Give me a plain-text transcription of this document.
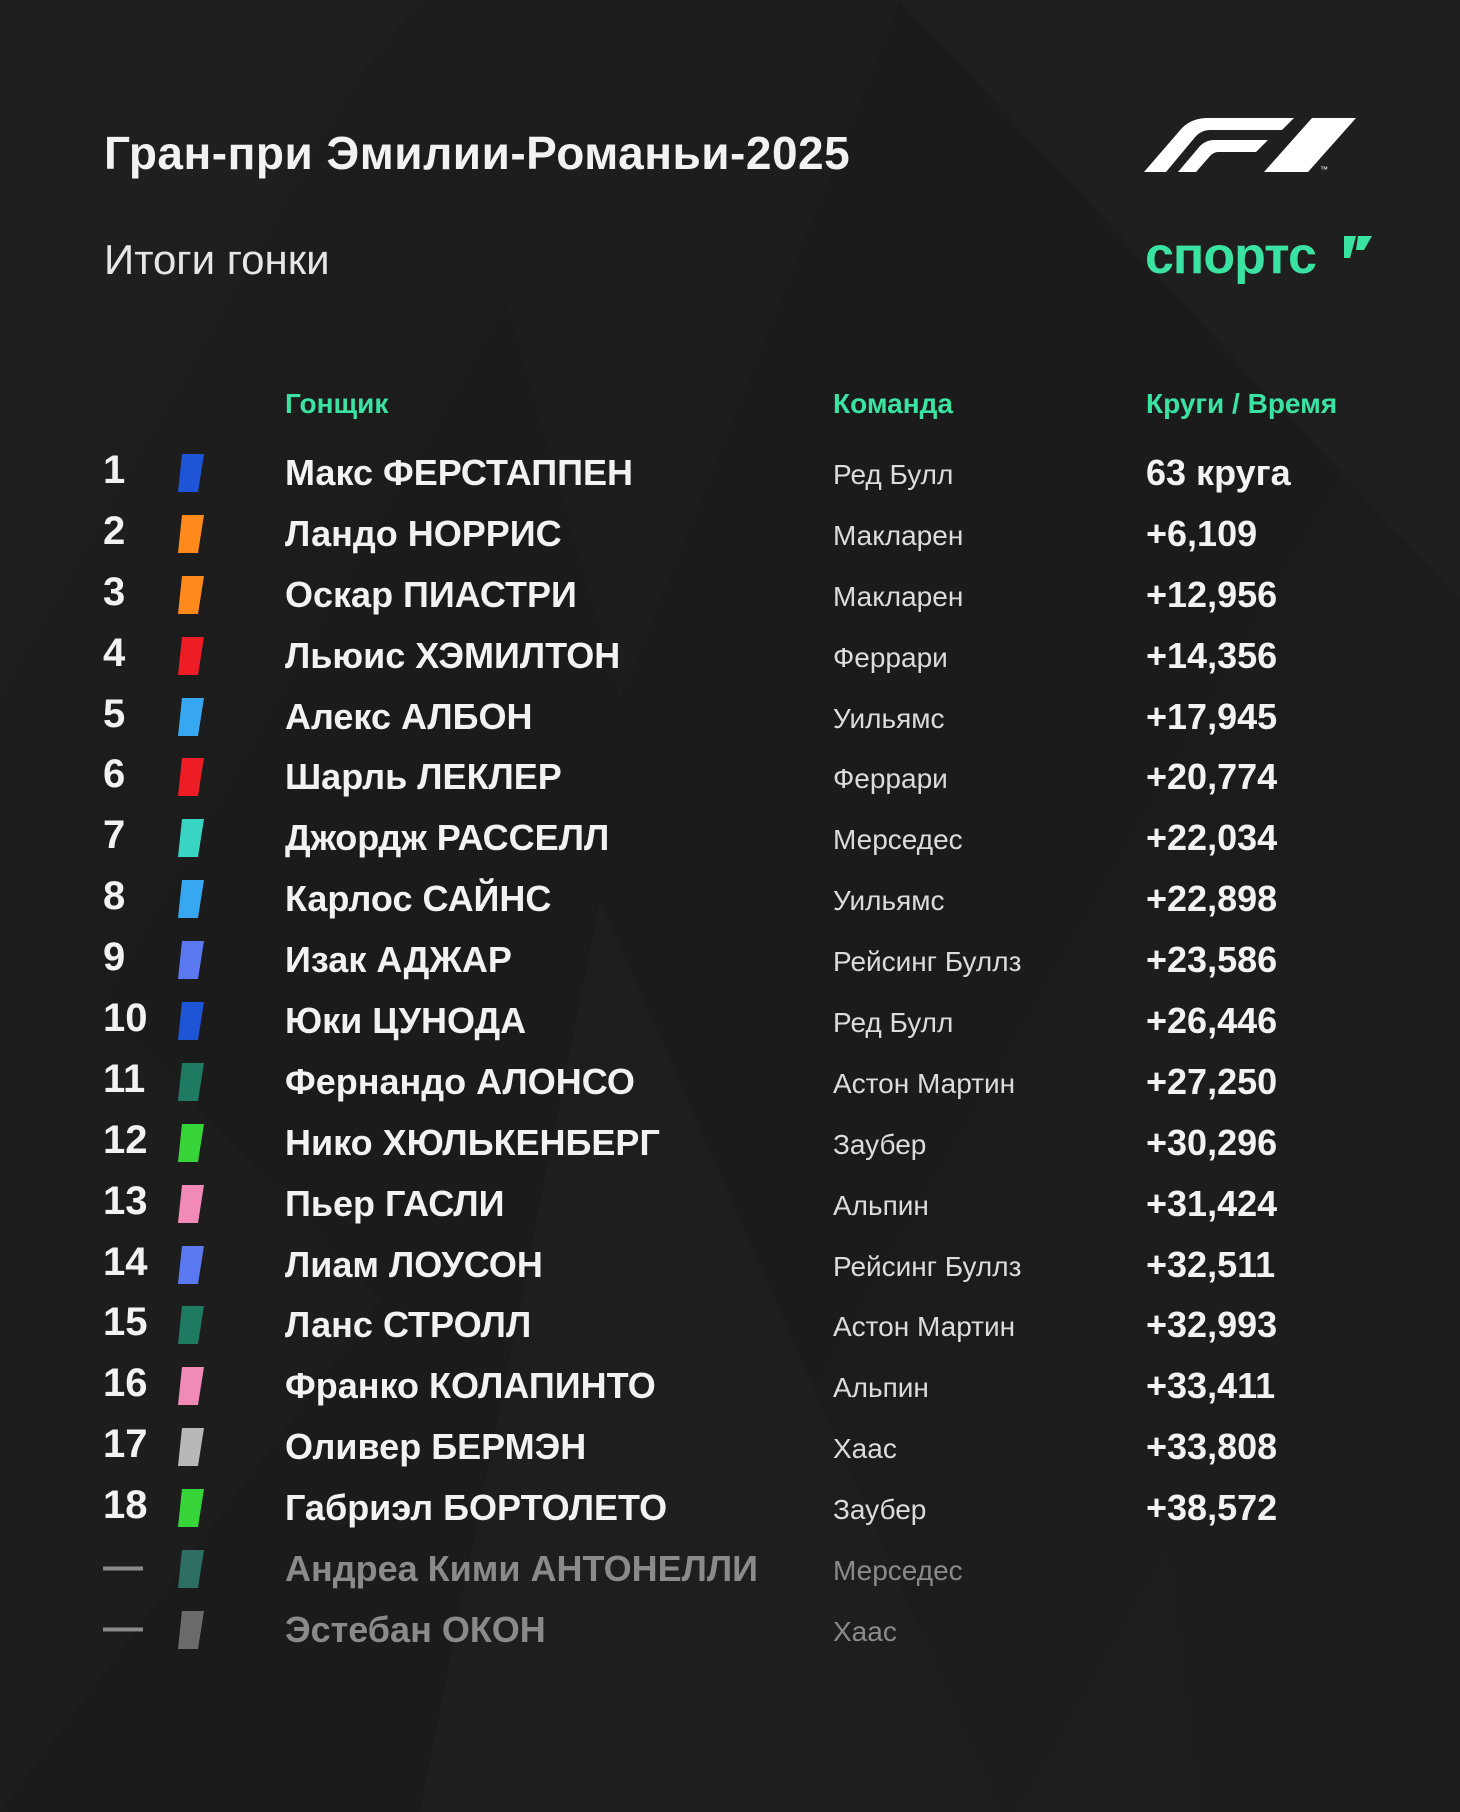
Гран-при Эмилии-Романьи-2025
Итоги гонки
™
спортс
Гонщик	Команда	Круги / Время
1	Макс ФЕРСТАППЕН	Ред Булл	63 круга
2	Ландо НОРРИС	Макларен	+6,109
3	Оскар ПИАСТРИ	Макларен	+12,956
4	Льюис ХЭМИЛТОН	Феррари	+14,356
5	Алекс АЛБОН	Уильямс	+17,945
6	Шарль ЛЕКЛЕР	Феррари	+20,774
7	Джордж РАССЕЛЛ	Мерседес	+22,034
8	Карлос САЙНС	Уильямс	+22,898
9	Изак АДЖАР	Рейсинг Буллз	+23,586
10	Юки ЦУНОДА	Ред Булл	+26,446
11	Фернандо АЛОНСО	Астон Мартин	+27,250
12	Нико ХЮЛЬКЕНБЕРГ	Заубер	+30,296
13	Пьер ГАСЛИ	Альпин	+31,424
14	Лиам ЛОУСОН	Рейсинг Буллз	+32,511
15	Ланс СТРОЛЛ	Астон Мартин	+32,993
16	Франко КОЛАПИНТО	Альпин	+33,411
17	Оливер БЕРМЭН	Хаас	+33,808
18	Габриэл БОРТОЛЕТО	Заубер	+38,572
—	Андреа Кими АНТОНЕЛЛИ	Мерседес
—	Эстебан ОКОН	Хаас
